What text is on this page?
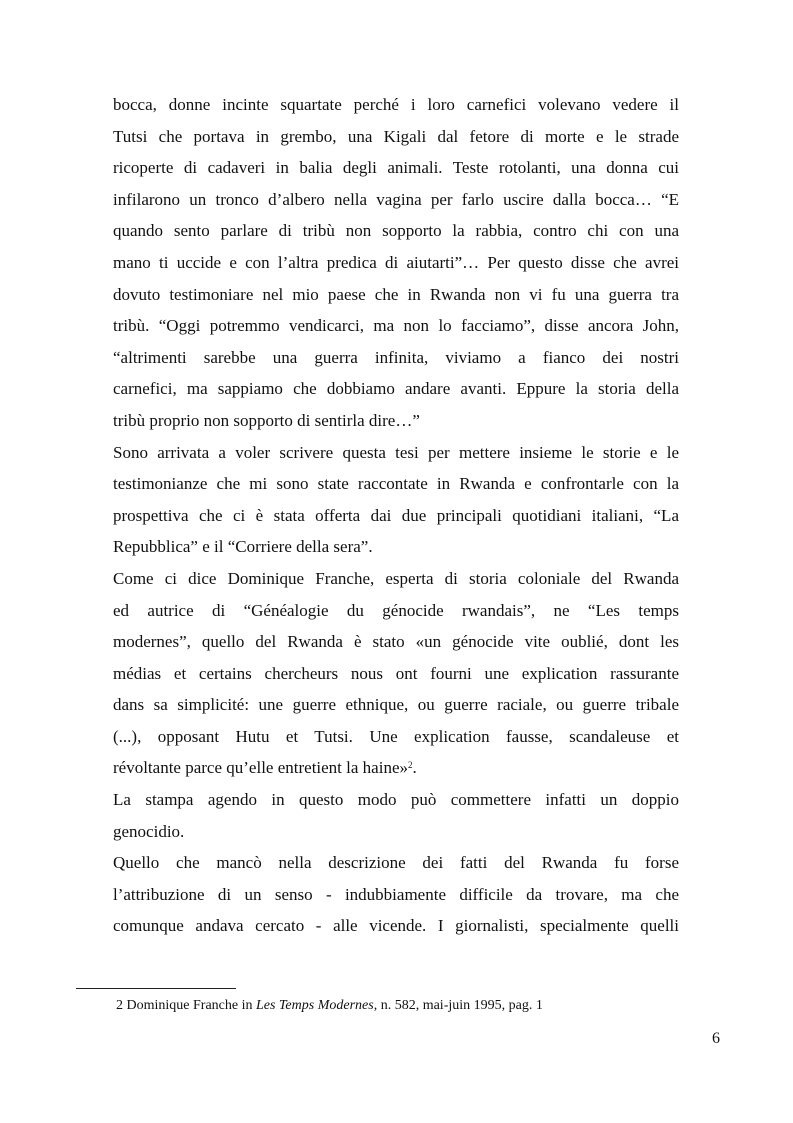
bocca, donne incinte squartate perché i loro carnefici volevano vedere il
Tutsi che portava in grembo, una Kigali dal fetore di morte e le strade
ricoperte di cadaveri in balia degli animali. Teste rotolanti, una donna cui
infilarono un tronco d’albero nella vagina per farlo uscire dalla bocca… “E
quando sento parlare di tribù non sopporto la rabbia, contro chi con una
mano ti uccide e con l’altra predica di aiutarti”… Per questo disse che avrei
dovuto testimoniare nel mio paese che in Rwanda non vi fu una guerra tra
tribù. “Oggi potremmo vendicarci, ma non lo facciamo”, disse ancora John,
“altrimenti sarebbe una guerra infinita, viviamo a fianco dei nostri
carnefici, ma sappiamo che dobbiamo andare avanti. Eppure la storia della
tribù proprio non sopporto di sentirla dire…”

Sono arrivata a voler scrivere questa tesi per mettere insieme le storie e le
testimonianze che mi sono state raccontate in Rwanda e confrontarle con la
prospettiva che ci è stata offerta dai due principali quotidiani italiani, “La
Repubblica” e il “Corriere della sera”.

Come ci dice Dominique Franche, esperta di storia coloniale del Rwanda
ed autrice di “Généalogie du génocide rwandais”, ne “Les temps
modernes”, quello del Rwanda è stato «un génocide vite oublié, dont les
médias et certains chercheurs nous ont fourni une explication rassurante
dans sa simplicité: une guerre ethnique, ou guerre raciale, ou guerre tribale
(...), opposant Hutu et Tutsi. Une explication fausse, scandaleuse et
révoltante parce qu’elle entretient la haine»$^2$.

La stampa agendo in questo modo può commettere infatti un doppio
genocidio.

Quello che mancò nella descrizione dei fatti del Rwanda fu forse
l’attribuzione di un senso - indubbiamente difficile da trovare, ma che
comunque andava cercato - alle vicende. I giornalisti, specialmente quelli

2 Dominique Franche in Les Temps Modernes, n. 582, mai-juin 1995, pag. 1
6
